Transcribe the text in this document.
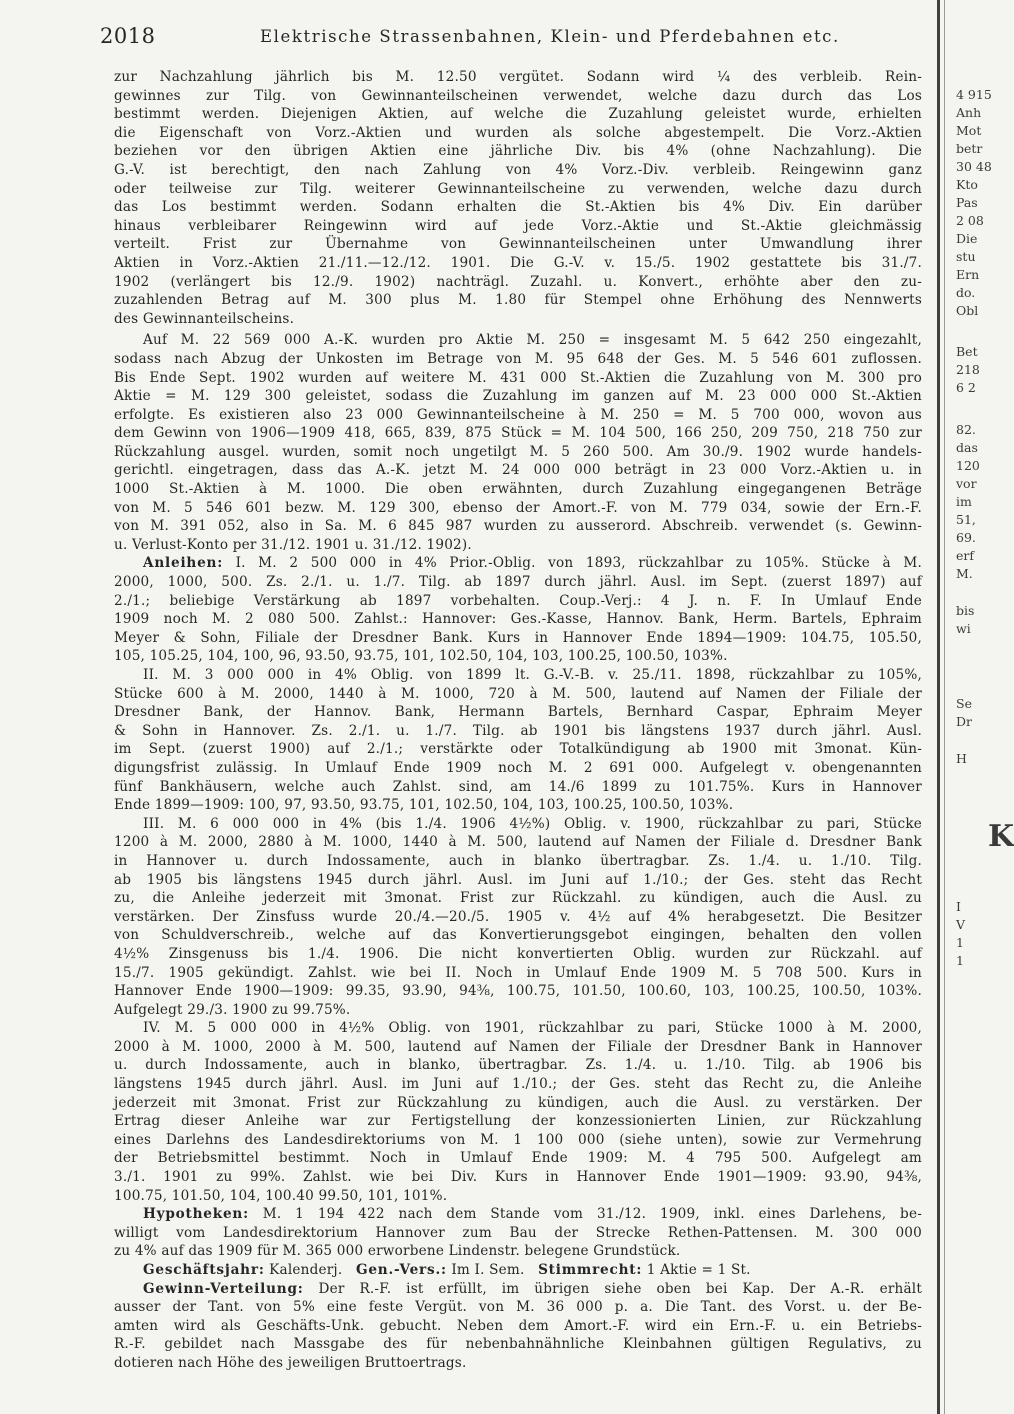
2018	Elektrische Strassenbahnen, Klein- und Pferdebahnen etc.
zur Nachzahlung jährlich bis M. 12.50 vergütet. Sodann wird ¼ des verbleib. Rein-
gewinnes zur Tilg. von Gewinnanteilscheinen verwendet, welche dazu durch das Los
bestimmt werden. Diejenigen Aktien, auf welche die Zuzahlung geleistet wurde, erhielten
die Eigenschaft von Vorz.-Aktien und wurden als solche abgestempelt. Die Vorz.-Aktien
beziehen vor den übrigen Aktien eine jährliche Div. bis 4% (ohne Nachzahlung). Die
G.-V. ist berechtigt, den nach Zahlung von 4% Vorz.-Div. verbleib. Reingewinn ganz
oder teilweise zur Tilg. weiterer Gewinnanteilscheine zu verwenden, welche dazu durch
das Los bestimmt werden. Sodann erhalten die St.-Aktien bis 4% Div. Ein darüber
hinaus verbleibarer Reingewinn wird auf jede Vorz.-Aktie und St.-Aktie gleichmässig
verteilt. Frist zur Übernahme von Gewinnanteilscheinen unter Umwandlung ihrer
Aktien in Vorz.-Aktien 21./11.—12./12. 1901. Die G.-V. v. 15./5. 1902 gestattete bis 31./7.
1902 (verlängert bis 12./9. 1902) nachträgl. Zuzahl. u. Konvert., erhöhte aber den zu-
zuzahlenden Betrag auf M. 300 plus M. 1.80 für Stempel ohne Erhöhung des Nennwerts
des Gewinnanteilscheins.
Auf M. 22 569 000 A.-K. wurden pro Aktie M. 250 = insgesamt M. 5 642 250 eingezahlt,
sodass nach Abzug der Unkosten im Betrage von M. 95 648 der Ges. M. 5 546 601 zuflossen.
Bis Ende Sept. 1902 wurden auf weitere M. 431 000 St.-Aktien die Zuzahlung von M. 300 pro
Aktie = M. 129 300 geleistet, sodass die Zuzahlung im ganzen auf M. 23 000 000 St.-Aktien
erfolgte. Es existieren also 23 000 Gewinnanteilscheine à M. 250 = M. 5 700 000, wovon aus
dem Gewinn von 1906—1909 418, 665, 839, 875 Stück = M. 104 500, 166 250, 209 750, 218 750 zur
Rückzahlung ausgel. wurden, somit noch ungetilgt M. 5 260 500. Am 30./9. 1902 wurde handels-
gerichtl. eingetragen, dass das A.-K. jetzt M. 24 000 000 beträgt in 23 000 Vorz.-Aktien u. in
1000 St.-Aktien à M. 1000. Die oben erwähnten, durch Zuzahlung eingegangenen Beträge
von M. 5 546 601 bezw. M. 129 300, ebenso der Amort.-F. von M. 779 034, sowie der Ern.-F.
von M. 391 052, also in Sa. M. 6 845 987 wurden zu ausserord. Abschreib. verwendet (s. Gewinn-
u. Verlust-Konto per 31./12. 1901 u. 31./12. 1902).
Anleihen: I. M. 2 500 000 in 4% Prior.-Oblig. von 1893, rückzahlbar zu 105%. Stücke à M.
2000, 1000, 500. Zs. 2./1. u. 1./7. Tilg. ab 1897 durch jährl. Ausl. im Sept. (zuerst 1897) auf
2./1.; beliebige Verstärkung ab 1897 vorbehalten. Coup.-Verj.: 4 J. n. F. In Umlauf Ende
1909 noch M. 2 080 500. Zahlst.: Hannover: Ges.-Kasse, Hannov. Bank, Herm. Bartels, Ephraim
Meyer & Sohn, Filiale der Dresdner Bank. Kurs in Hannover Ende 1894—1909: 104.75, 105.50,
105, 105.25, 104, 100, 96, 93.50, 93.75, 101, 102.50, 104, 103, 100.25, 100.50, 103%.
II. M. 3 000 000 in 4% Oblig. von 1899 lt. G.-V.-B. v. 25./11. 1898, rückzahlbar zu 105%,
Stücke 600 à M. 2000, 1440 à M. 1000, 720 à M. 500, lautend auf Namen der Filiale der
Dresdner Bank, der Hannov. Bank, Hermann Bartels, Bernhard Caspar, Ephraim Meyer
& Sohn in Hannover. Zs. 2./1. u. 1./7. Tilg. ab 1901 bis längstens 1937 durch jährl. Ausl.
im Sept. (zuerst 1900) auf 2./1.; verstärkte oder Totalkündigung ab 1900 mit 3monat. Kün-
digungsfrist zulässig. In Umlauf Ende 1909 noch M. 2 691 000. Aufgelegt v. obengenannten
fünf Bankhäusern, welche auch Zahlst. sind, am 14./6 1899 zu 101.75%. Kurs in Hannover
Ende 1899—1909: 100, 97, 93.50, 93.75, 101, 102.50, 104, 103, 100.25, 100.50, 103%.
III. M. 6 000 000 in 4% (bis 1./4. 1906 4½%) Oblig. v. 1900, rückzahlbar zu pari, Stücke
1200 à M. 2000, 2880 à M. 1000, 1440 à M. 500, lautend auf Namen der Filiale d. Dresdner Bank
in Hannover u. durch Indossamente, auch in blanko übertragbar. Zs. 1./4. u. 1./10. Tilg.
ab 1905 bis längstens 1945 durch jährl. Ausl. im Juni auf 1./10.; der Ges. steht das Recht
zu, die Anleihe jederzeit mit 3monat. Frist zur Rückzahl. zu kündigen, auch die Ausl. zu
verstärken. Der Zinsfuss wurde 20./4.—20./5. 1905 v. 4½ auf 4% herabgesetzt. Die Besitzer
von Schuldverschreib., welche auf das Konvertierungsgebot eingingen, behalten den vollen
4½% Zinsgenuss bis 1./4. 1906. Die nicht konvertierten Oblig. wurden zur Rückzahl. auf
15./7. 1905 gekündigt. Zahlst. wie bei II. Noch in Umlauf Ende 1909 M. 5 708 500. Kurs in
Hannover Ende 1900—1909: 99.35, 93.90, 94⅜, 100.75, 101.50, 100.60, 103, 100.25, 100.50, 103%.
Aufgelegt 29./3. 1900 zu 99.75%.
IV. M. 5 000 000 in 4½% Oblig. von 1901, rückzahlbar zu pari, Stücke 1000 à M. 2000,
2000 à M. 1000, 2000 à M. 500, lautend auf Namen der Filiale der Dresdner Bank in Hannover
u. durch Indossamente, auch in blanko, übertragbar. Zs. 1./4. u. 1./10. Tilg. ab 1906 bis
längstens 1945 durch jährl. Ausl. im Juni auf 1./10.; der Ges. steht das Recht zu, die Anleihe
jederzeit mit 3monat. Frist zur Rückzahlung zu kündigen, auch die Ausl. zu verstärken. Der
Ertrag dieser Anleihe war zur Fertigstellung der konzessionierten Linien, zur Rückzahlung
eines Darlehns des Landesdirektoriums von M. 1 100 000 (siehe unten), sowie zur Vermehrung
der Betriebsmittel bestimmt. Noch in Umlauf Ende 1909: M. 4 795 500. Aufgelegt am
3./1. 1901 zu 99%. Zahlst. wie bei Div. Kurs in Hannover Ende 1901—1909: 93.90, 94⅜,
100.75, 101.50, 104, 100.40 99.50, 101, 101%.
Hypotheken: M. 1 194 422 nach dem Stande vom 31./12. 1909, inkl. eines Darlehens, be-
willigt vom Landesdirektorium Hannover zum Bau der Strecke Rethen-Pattensen. M. 300 000
zu 4% auf das 1909 für M. 365 000 erworbene Lindenstr. belegene Grundstück.
Geschäftsjahr: Kalenderj. Gen.-Vers.: Im I. Sem. Stimmrecht: 1 Aktie = 1 St.
Gewinn-Verteilung: Der R.-F. ist erfüllt, im übrigen siehe oben bei Kap. Der A.-R. erhält
ausser der Tant. von 5% eine feste Vergüt. von M. 36 000 p. a. Die Tant. des Vorst. u. der Be-
amten wird als Geschäfts-Unk. gebucht. Neben dem Amort.-F. wird ein Ern.-F. u. ein Betriebs-
R.-F. gebildet nach Massgabe des für nebenbahnähnliche Kleinbahnen gültigen Regulativs, zu
dotieren nach Höhe des jeweiligen Bruttoertrags.
4 915
Anh
Mot
betr
30 48
Kto
Pas
2 08
Die
stu
Ern
do.
Obl
Bet
218
6 2
82.
das
120
vor
im
51,
69.
erf
M.
bis
wi
Se
Dr
H
K
I
V
1
1
